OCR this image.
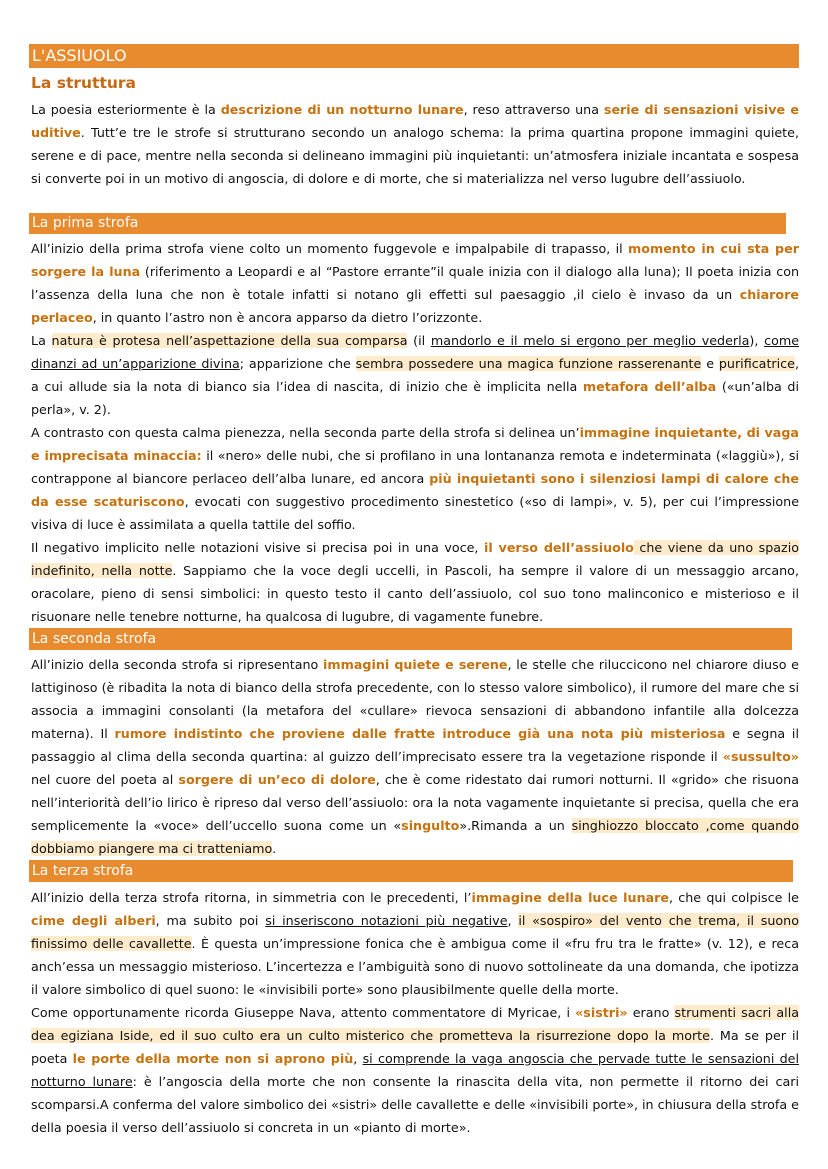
L'ASSIUOLO
La struttura

La poesia esteriormente è la descrizione di un notturno lunare, reso attraverso una serie di sensazioni visive e uditive. Tutt’e tre le strofe si strutturano secondo un analogo schema: la prima quartina propone immagini quiete, serene e di pace, mentre nella seconda si delineano immagini più inquietanti: un’atmosfera iniziale incantata e sospesa si converte poi in un motivo di angoscia, di dolore e di morte, che si materializza nel verso lugubre dell’assiuolo.

La prima strofa

All’inizio della prima strofa viene colto un momento fuggevole e impalpabile di trapasso, il momento in cui sta per sorgere la luna (riferimento a Leopardi e al “Pastore errante”il quale inizia con il dialogo alla luna); Il poeta inizia con l’assenza della luna che non è totale infatti si notano gli effetti sul paesaggio ,il cielo è invaso da un chiarore perlaceo, in quanto l’astro non è ancora apparso da dietro l’orizzonte.
La natura è protesa nell’aspettazione della sua comparsa (il mandorlo e il melo si ergono per meglio vederla), come dinanzi ad un’apparizione divina; apparizione che sembra possedere una magica funzione rasserenante e purificatrice, a cui allude sia la nota di bianco sia l’idea di nascita, di inizio che è implicita nella metafora dell’alba («un’alba di perla», v. 2).
A contrasto con questa calma pienezza, nella seconda parte della strofa si delinea un’immagine inquietante, di vaga e imprecisata minaccia: il «nero» delle nubi, che si profilano in una lontananza remota e indeterminata («laggiù»), si contrappone al biancore perlaceo dell’alba lunare, ed ancora più inquietanti sono i silenziosi lampi di calore che da esse scaturiscono, evocati con suggestivo procedimento sinestetico («so di lampi», v. 5), per cui l’impressione visiva di luce è assimilata a quella tattile del soffio.
Il negativo implicito nelle notazioni visive si precisa poi in una voce, il verso dell’assiuolo che viene da uno spazio indefinito, nella notte. Sappiamo che la voce degli uccelli, in Pascoli, ha sempre il valore di un messaggio arcano, oracolare, pieno di sensi simbolici: in questo testo il canto dell’assiuolo, col suo tono malinconico e misterioso e il risuonare nelle tenebre notturne, ha qualcosa di lugubre, di vagamente funebre.

La seconda strofa

All’inizio della seconda strofa si ripresentano immagini quiete e serene, le stelle che riluccicono nel chiarore diuso e lattiginoso (è ribadita la nota di bianco della strofa precedente, con lo stesso valore simbolico), il rumore del mare che si associa a immagini consolanti (la metafora del «cullare» rievoca sensazioni di abbandono infantile alla dolcezza materna). Il rumore indistinto che proviene dalle fratte introduce già una nota più misteriosa e segna il passaggio al clima della seconda quartina: al guizzo dell’imprecisato essere tra la vegetazione risponde il «sussulto» nel cuore del poeta al sorgere di un’eco di dolore, che è come ridestato dai rumori notturni. Il «grido» che risuona nell’interiorità dell’io lirico è ripreso dal verso dell’assiuolo: ora la nota vagamente inquietante si precisa, quella che era semplicemente la «voce» dell’uccello suona come un «singulto».Rimanda a un singhiozzo bloccato ,come quando dobbiamo piangere ma ci tratteniamo.

La terza strofa

All’inizio della terza strofa ritorna, in simmetria con le precedenti, l’immagine della luce lunare, che qui colpisce le cime degli alberi, ma subito poi si inseriscono notazioni più negative, il «sospiro» del vento che trema, il suono finissimo delle cavallette. È questa un’impressione fonica che è ambigua come il «fru fru tra le fratte» (v. 12), e reca anch’essa un messaggio misterioso. L’incertezza e l’ambiguità sono di nuovo sottolineate da una domanda, che ipotizza il valore simbolico di quel suono: le «invisibili porte» sono plausibilmente quelle della morte.
Come opportunamente ricorda Giuseppe Nava, attento commentatore di Myricae, i «sistri» erano strumenti sacri alla dea egiziana Iside, ed il suo culto era un culto misterico che prometteva la risurrezione dopo la morte. Ma se per il poeta le porte della morte non si aprono più, si comprende la vaga angoscia che pervade tutte le sensazioni del notturno lunare: è l’angoscia della morte che non consente la rinascita della vita, non permette il ritorno dei cari scomparsi.A conferma del valore simbolico dei «sistri» delle cavallette e delle «invisibili porte», in chiusura della strofa e della poesia il verso dell’assiuolo si concreta in un «pianto di morte».
